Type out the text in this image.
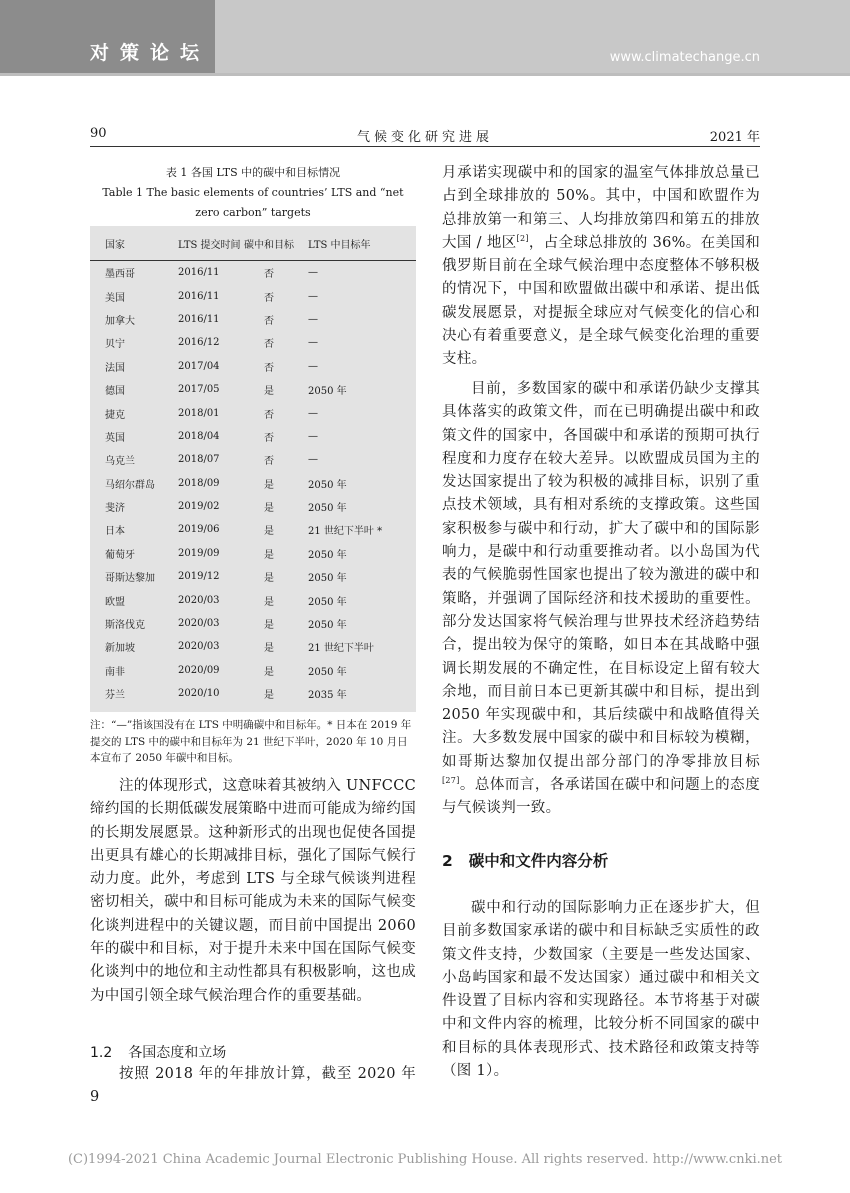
对策论坛	www.climatechange.cn
90	气候变化研究进展	2021 年
表 1 各国 LTS 中的碳中和目标情况
Table 1 The basic elements of countries’ LTS and “net zero carbon” targets
国家	LTS 提交时间	碳中和目标	LTS 中目标年
墨西哥	2016/11	否	—
美国	2016/11	否	—
加拿大	2016/11	否	—
贝宁	2016/12	否	—
法国	2017/04	否	—
德国	2017/05	是	2050 年
捷克	2018/01	否	—
英国	2018/04	否	—
乌克兰	2018/07	否	—
马绍尔群岛	2018/09	是	2050 年
斐济	2019/02	是	2050 年
日本	2019/06	是	21 世纪下半叶 *
葡萄牙	2019/09	是	2050 年
哥斯达黎加	2019/12	是	2050 年
欧盟	2020/03	是	2050 年
斯洛伐克	2020/03	是	2050 年
新加坡	2020/03	是	21 世纪下半叶
南非	2020/09	是	2050 年
芬兰	2020/10	是	2035 年
注：“—”指该国没有在 LTS 中明确碳中和目标年。* 日本在 2019 年提交的 LTS 中的碳中和目标年为 21 世纪下半叶，2020 年 10 月日本宣布了 2050 年碳中和目标。
注的体现形式，这意味着其被纳入 UNFCCC 缔约国的长期低碳发展策略中进而可能成为缔约国的长期发展愿景。这种新形式的出现也促使各国提出更具有雄心的长期减排目标，强化了国际气候行动力度。此外，考虑到 LTS 与全球气候谈判进程密切相关，碳中和目标可能成为未来的国际气候变化谈判进程中的关键议题，而目前中国提出 2060 年的碳中和目标，对于提升未来中国在国际气候变化谈判中的地位和主动性都具有积极影响，这也成为中国引领全球气候治理合作的重要基础。
1.2 各国态度和立场
按照 2018 年的年排放计算，截至 2020 年 9
月承诺实现碳中和的国家的温室气体排放总量已占到全球排放的 50%。其中，中国和欧盟作为总排放第一和第三、人均排放第四和第五的排放大国 / 地区[2]，占全球总排放的 36%。在美国和俄罗斯目前在全球气候治理中态度整体不够积极的情况下，中国和欧盟做出碳中和承诺、提出低碳发展愿景，对提振全球应对气候变化的信心和决心有着重要意义，是全球气候变化治理的重要支柱。
目前，多数国家的碳中和承诺仍缺少支撑其具体落实的政策文件，而在已明确提出碳中和政策文件的国家中，各国碳中和承诺的预期可执行程度和力度存在较大差异。以欧盟成员国为主的发达国家提出了较为积极的减排目标，识别了重点技术领域，具有相对系统的支撑政策。这些国家积极参与碳中和行动，扩大了碳中和的国际影响力，是碳中和行动重要推动者。以小岛国为代表的气候脆弱性国家也提出了较为激进的碳中和策略，并强调了国际经济和技术援助的重要性。部分发达国家将气候治理与世界技术经济趋势结合，提出较为保守的策略，如日本在其战略中强调长期发展的不确定性，在目标设定上留有较大余地，而目前日本已更新其碳中和目标，提出到 2050 年实现碳中和，其后续碳中和战略值得关注。大多数发展中国家的碳中和目标较为模糊，如哥斯达黎加仅提出部分部门的净零排放目标[27]。总体而言，各承诺国在碳中和问题上的态度与气候谈判一致。
2 碳中和文件内容分析
碳中和行动的国际影响力正在逐步扩大，但目前多数国家承诺的碳中和目标缺乏实质性的政策文件支持，少数国家（主要是一些发达国家、小岛屿国家和最不发达国家）通过碳中和相关文件设置了目标内容和实现路径。本节将基于对碳中和文件内容的梳理，比较分析不同国家的碳中和目标的具体表现形式、技术路径和政策支持等（图 1）。
(C)1994-2021 China Academic Journal Electronic Publishing House. All rights reserved. http://www.cnki.net
